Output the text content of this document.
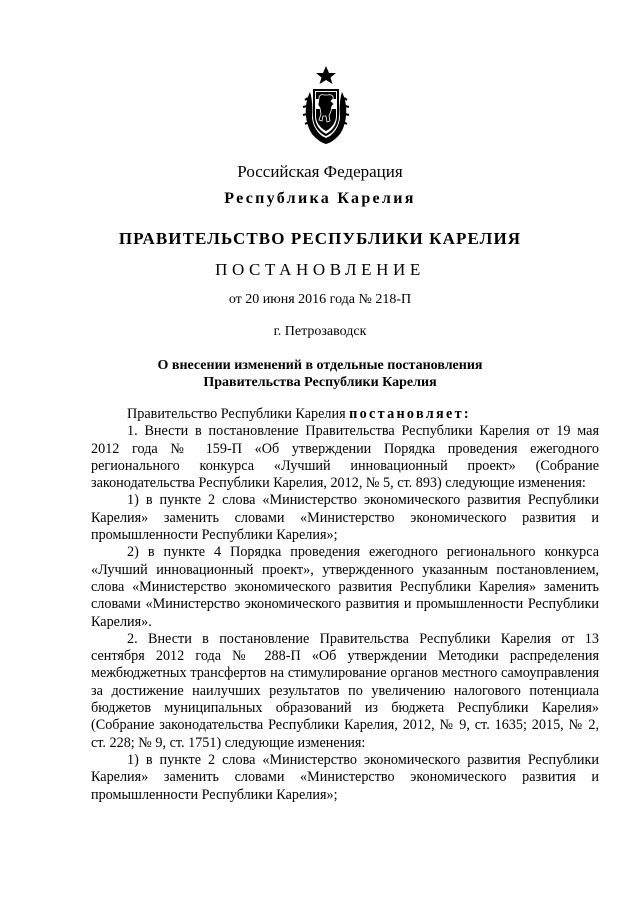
Российская Федерация
Республика Карелия
ПРАВИТЕЛЬСТВО РЕСПУБЛИКИ КАРЕЛИЯ
ПОСТАНОВЛЕНИЕ
от 20 июня 2016 года № 218-П
г. Петрозаводск
О внесении изменений в отдельные постановления
Правительства Республики Карелия

Правительство Республики Карелия постановляет:

1. Внести в постановление Правительства Республики Карелия от 19 мая 2012 года № 159-П «Об утверждении Порядка проведения ежегодного регионального конкурса «Лучший инновационный проект» (Собрание законодательства Республики Карелия, 2012, № 5, ст. 893) следующие изменения:

1) в пункте 2 слова «Министерство экономического развития Республики Карелия» заменить словами «Министерство экономического развития и промышленности Республики Карелия»;

2) в пункте 4 Порядка проведения ежегодного регионального конкурса «Лучший инновационный проект», утвержденного указанным постановлением, слова «Министерство экономического развития Республики Карелия» заменить словами «Министерство экономического развития и промышленности Республики Карелия».

2. Внести в постановление Правительства Республики Карелия от 13 сентября 2012 года № 288-П «Об утверждении Методики распределения межбюджетных трансфертов на стимулирование органов местного самоуправления за достижение наилучших результатов по увеличению налогового потенциала бюджетов муниципальных образований из бюджета Республики Карелия» (Собрание законодательства Республики Карелия, 2012, № 9, ст. 1635; 2015, № 2, ст. 228; № 9, ст. 1751) следующие изменения:

1) в пункте 2 слова «Министерство экономического развития Республики Карелия» заменить словами «Министерство экономического развития и промышленности Республики Карелия»;
